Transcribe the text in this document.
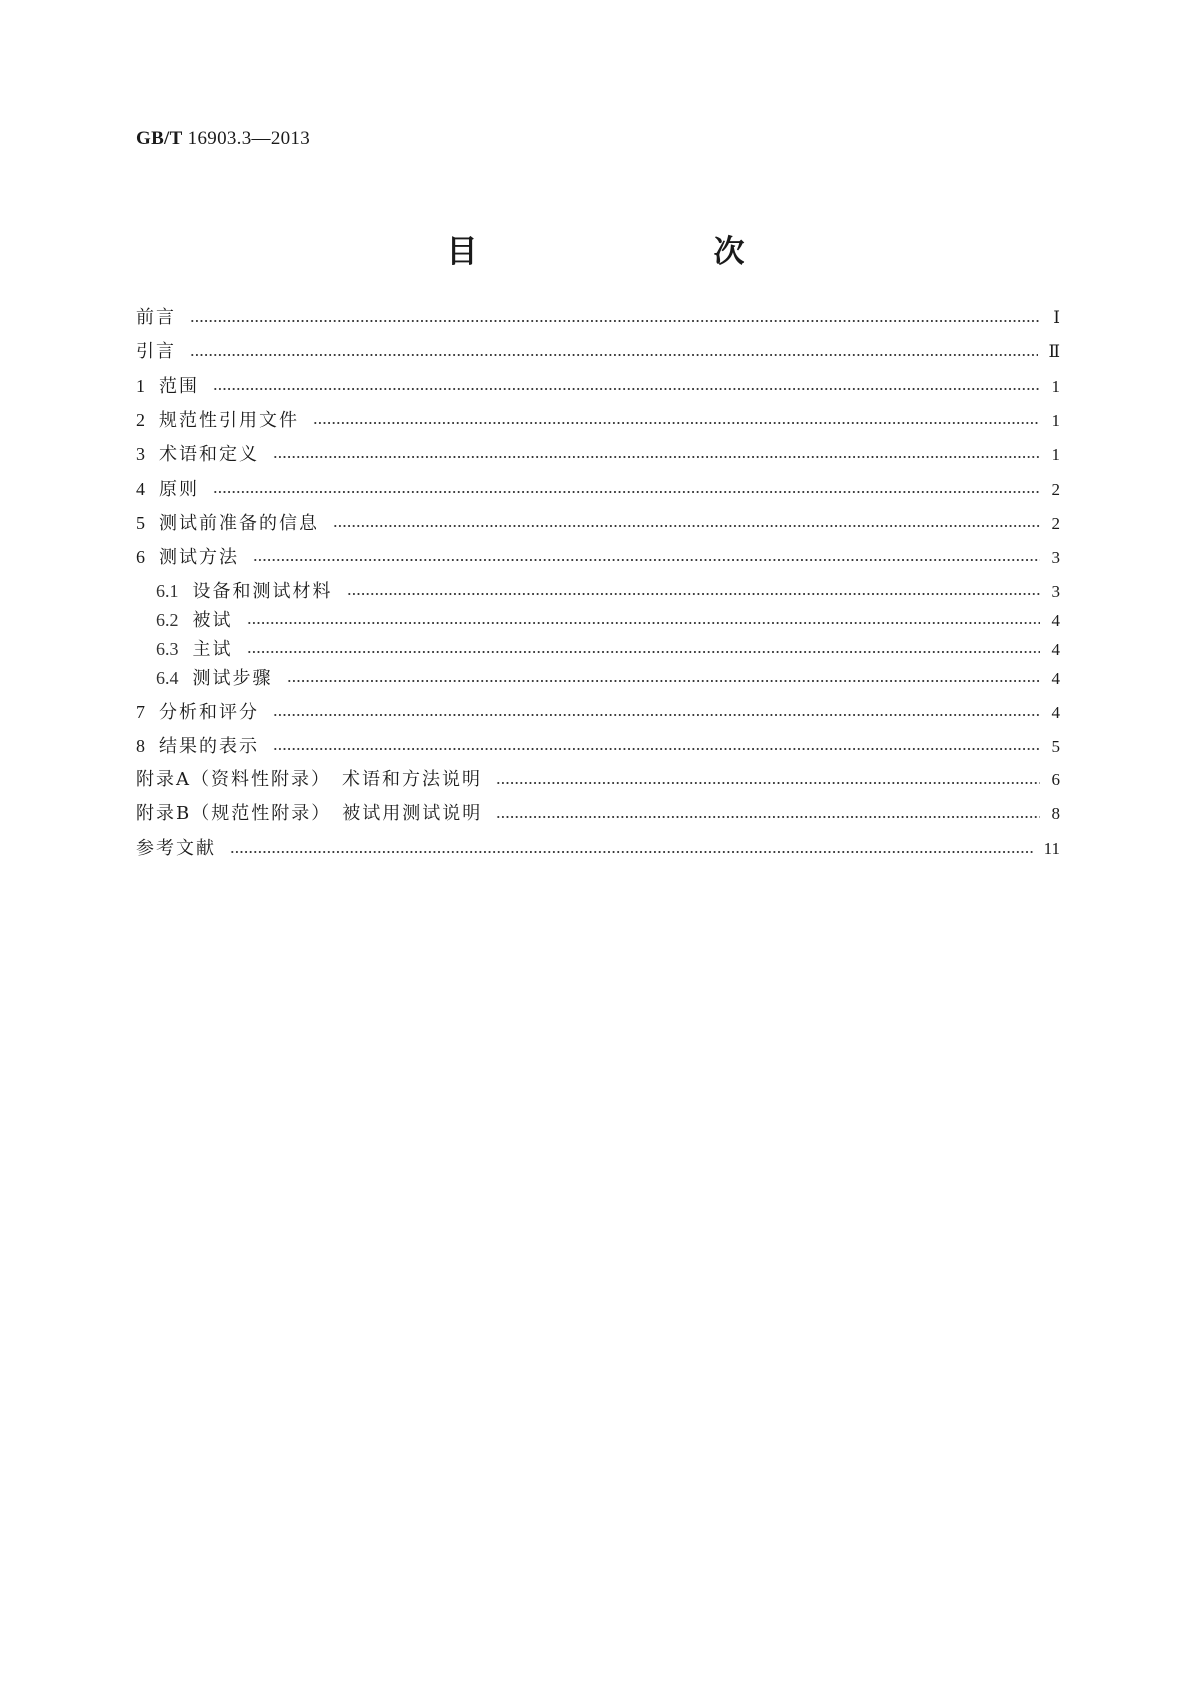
GB/T 16903.3—2013
目　　次
前言	Ⅰ
引言	Ⅱ
1 范围	1
2 规范性引用文件	1
3 术语和定义	1
4 原则	2
5 测试前准备的信息	2
6 测试方法	3
6.1 设备和测试材料	3
6.2 被试	4
6.3 主试	4
6.4 测试步骤	4
7 分析和评分	4
8 结果的表示	5
附录A（资料性附录）　术语和方法说明	6
附录B（规范性附录）　被试用测试说明	8
参考文献	11
